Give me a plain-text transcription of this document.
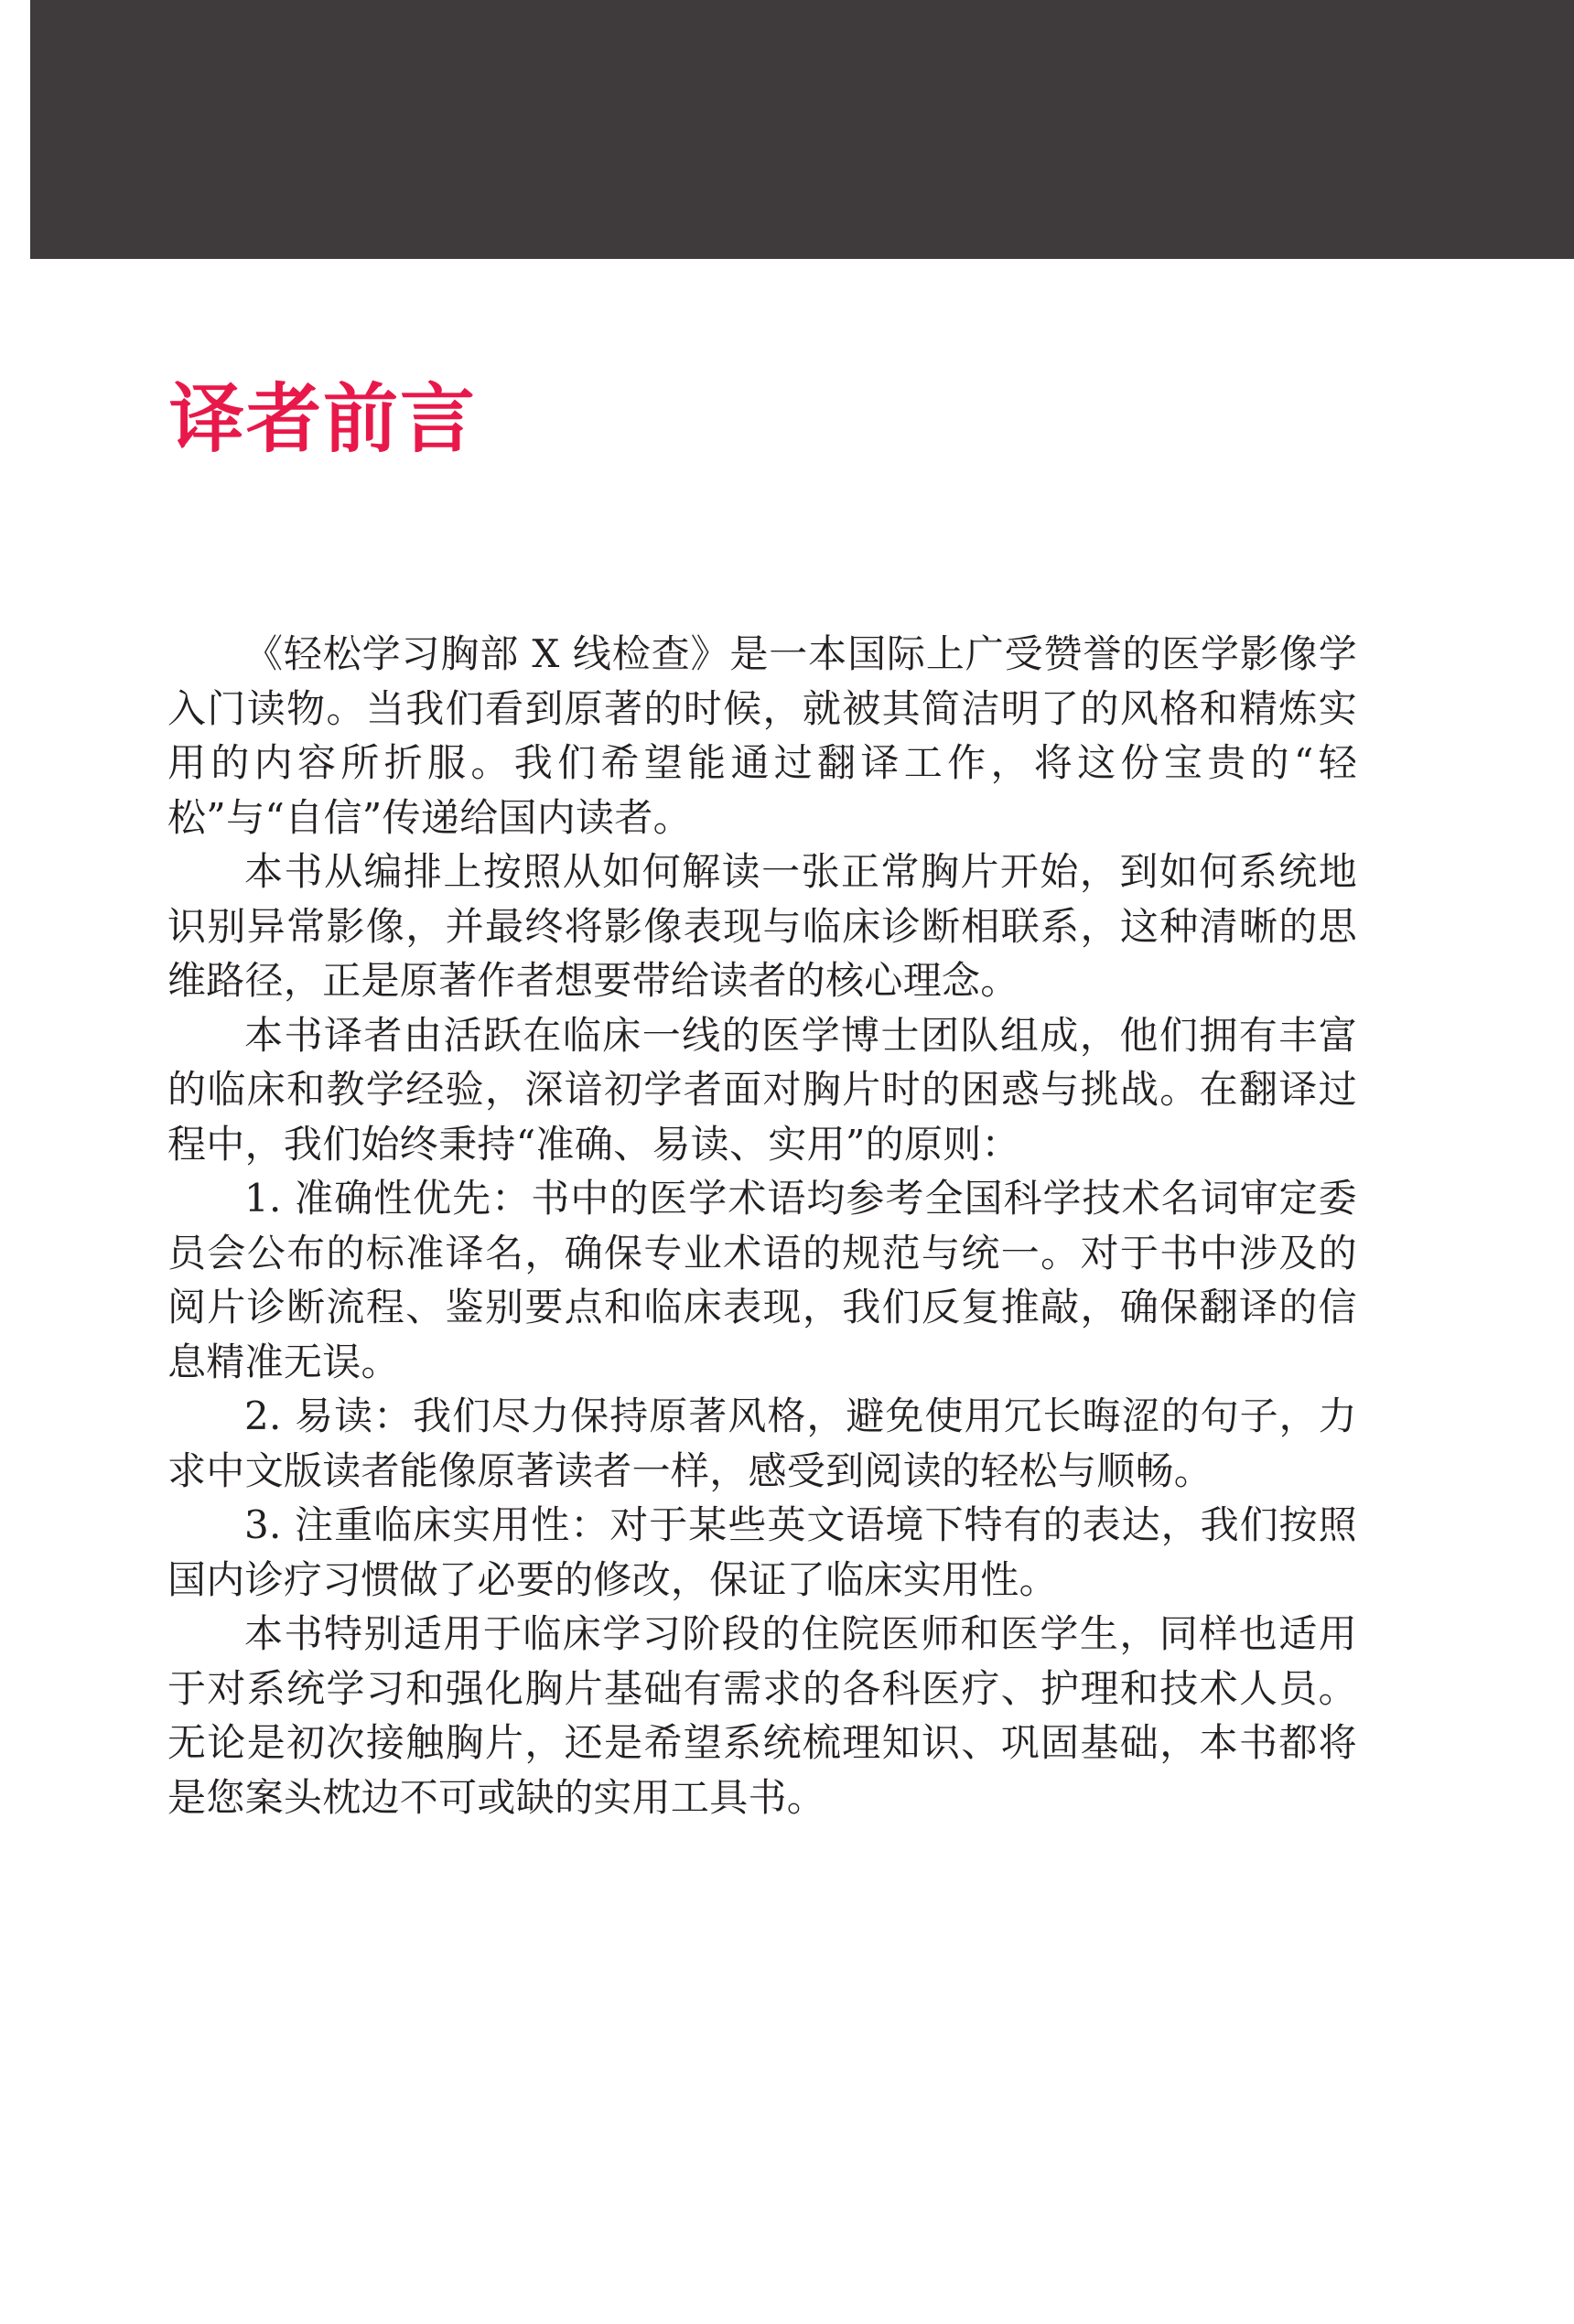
译者前言

《轻松学习胸部 X 线检查》是一本国际上广受赞誉的医学影像学入门读物。当我们看到原著的时候，就被其简洁明了的风格和精炼实用的内容所折服。我们希望能通过翻译工作，将这份宝贵的“轻松”与“自信”传递给国内读者。

本书从编排上按照从如何解读一张正常胸片开始，到如何系统地识别异常影像，并最终将影像表现与临床诊断相联系，这种清晰的思维路径，正是原著作者想要带给读者的核心理念。

本书译者由活跃在临床一线的医学博士团队组成，他们拥有丰富的临床和教学经验，深谙初学者面对胸片时的困惑与挑战。在翻译过程中，我们始终秉持“准确、易读、实用”的原则：

1. 准确性优先：书中的医学术语均参考全国科学技术名词审定委员会公布的标准译名，确保专业术语的规范与统一。对于书中涉及的阅片诊断流程、鉴别要点和临床表现，我们反复推敲，确保翻译的信息精准无误。

2. 易读：我们尽力保持原著风格，避免使用冗长晦涩的句子，力求中文版读者能像原著读者一样，感受到阅读的轻松与顺畅。

3. 注重临床实用性：对于某些英文语境下特有的表达，我们按照国内诊疗习惯做了必要的修改，保证了临床实用性。

本书特别适用于临床学习阶段的住院医师和医学生，同样也适用于对系统学习和强化胸片基础有需求的各科医疗、护理和技术人员。无论是初次接触胸片，还是希望系统梳理知识、巩固基础，本书都将是您案头枕边不可或缺的实用工具书。
